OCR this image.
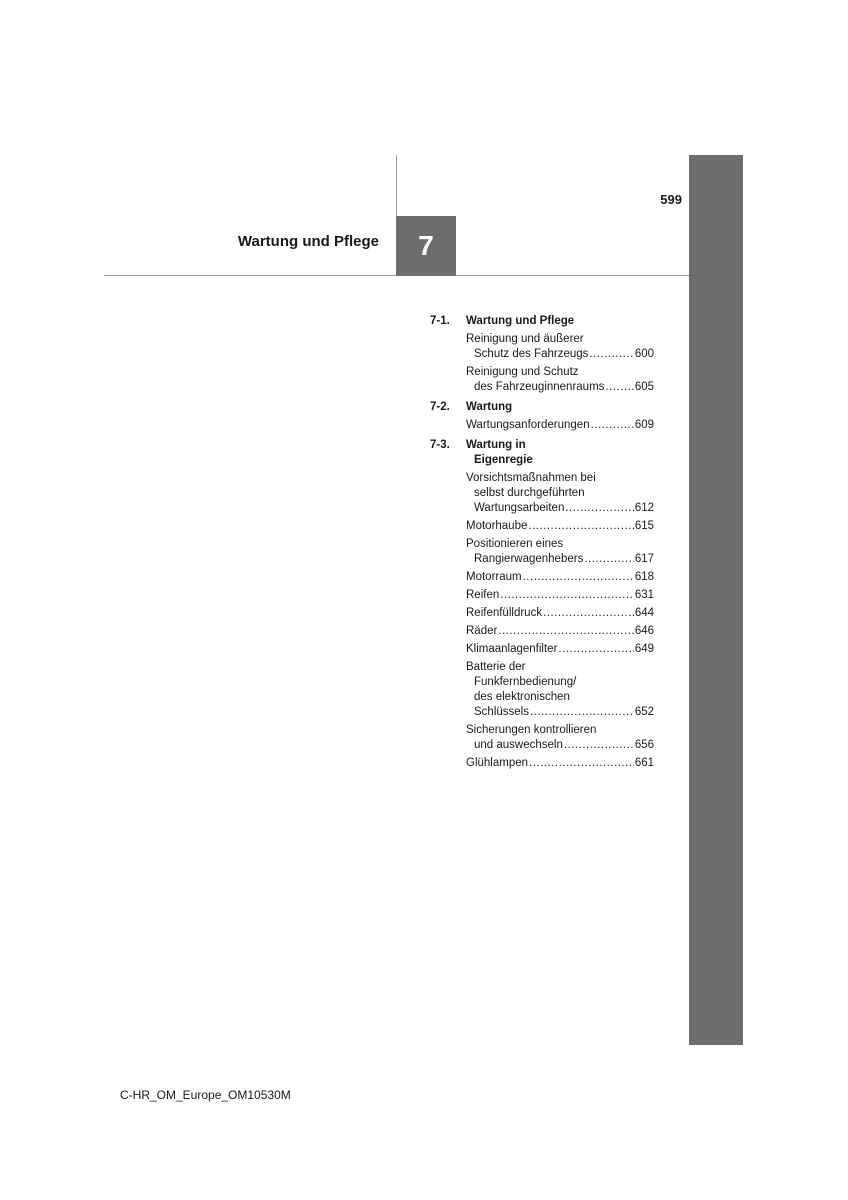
599
Wartung und Pflege	7
7-1.	Wartung und Pflege
Reinigung und äußerer
Schutz des Fahrzeugs .....	600
Reinigung und Schutz
des Fahrzeuginnenraums .....	605
7-2.	Wartung
Wartungsanforderungen .....	609
7-3.	Wartung in
Eigenregie
Vorsichtsmaßnahmen bei
selbst durchgeführten
Wartungsarbeiten .....	612
Motorhaube .....	615
Positionieren eines
Rangierwagenhebers .....	617
Motorraum .....	618
Reifen .....	631
Reifenfülldruck .....	644
Räder .....	646
Klimaanlagenfilter .....	649
Batterie der
Funkfernbedienung/
des elektronischen
Schlüssels .....	652
Sicherungen kontrollieren
und auswechseln .....	656
Glühlampen .....	661
C-HR_OM_Europe_OM10530M
